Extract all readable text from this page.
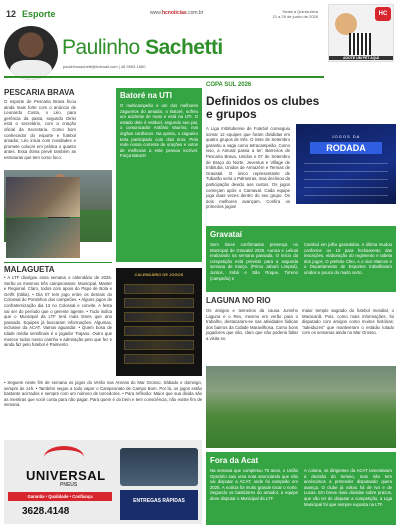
12 Esporte	www.hcnoticias.com.br	Sexta à Quinta-feira
21 a 29 de junho de 2026	HC
ADOTE UM PET AQUI
Paulinho Sachetti
paulinhosachetti@hotmail.com | 48 9953-1560
PESCARIA BRAVA
O esporte de Pescaria Brava ficou ainda mais forte com o anúncio de Leonardo Costa, o Léo, para gerência da pasta, segundo Dirlei está o secretário, com a criação oficial da Secretaria. Como bom conhecedor do esporte e futebol amador, Léo inicia com novidades e promete colocar em prática o quanto antes. Essa ótima prevê também as estruturas que tem como foco.
Batoré na UTI
O multicampeão e um dos melhores zagueiros do amador, o Batoré, sofreu um acidente de moto e está na UTI. O estado dele é estável, segundo seu pai, o comunicador Antônio Vaurino, nos órgãos cardíacos. Na quinta, o zagueiro teria participado com dois tiros. Pela rede nossa corrente de orações e votos de melhoras a este pessoa incrível. Força Batoré!
COPA SUL 2026
Definidos os clubes e grupos
A Liga Imbitubense de Futebol conseguiu somar 12 equipes que foram divididas em quatro grupos de três. O Sete de Setembro garantiu a vaga como tetracampeão. Como isso, a Amural passa a ter: Barreiros de Pescaria Brava, Unidos e 07 de Setembro de Braço do Norte, Juventus e Village de Imbituba, Unidos de Armazém e Termas de Gravatal. O único representante de Tubarão seria o Palmeiras, mas declinou da participação devido aos custos. Os jogos começam após o Carnaval. Cada equipe joga duas vezes dentro do seu grupo. Os dois melhores avançam. Confira os primeiros jogos!
JOGOS DA
RODADA
Gravataí
Sem times confirmados presença no Municipal de Gravataí 2026. Aurora e Leiloal realizando na semana passada. O início da competição está previsto para a segunda semana de março. (Primo Jaburú Limpeá), Juntos, Imbá e São Roque, Tirreno (campeão) e
Cambuí em julho garantidos. A última mudou conforme os 10 para fechamento das inscrições, elaboração do regimento e tabela dos jogos. O prefeito Cleo, e o vice Marcos e o Departamento de Esportes trabalharam unidos e pouco do muito certo.
MALAGUETA
• A LTF divulgou essa semana o calendário de 2026. Serão os mesmos três campeonatos: Municipal, Master e Regional. Claro, todos com apoio do Papo de Bola e Gerfit (Itália). • Dia 07 tem jogo entre os demais do Colossal do Pontinhos dos campeões. • Alguns jogos de confraternização dia 13 no Colossal e convite. A festa vai ser do período que o gerente agente. • Tudo indica que o Municipal da LTF terá mais times que ano passado. Equipes já buscaram informações. Algumas, inclusive da ACAT. Vamos aguardar. • Quem bosa de Idade média semifinais é o jogador Trajano. Outro que merece todos nosso carinho e admiração pelo que fez e ainda faz pelo futebol é Paimento.
CALENDÁRIO DE JOGOS
• Seguem neste fim de semana os jogos do Verão nas Arenas do Mar Grosso. Sábado e domingo, sempre às 14h. • Também segue a todo vapor o Campeonato de Campo Bom. Por lá, os jogos estão bastante acirrados e sempre com um número de torcedores. • Para reflexão: Maior que sua divida são as mentiras que você conta para não pagar. Para quem é do bem e tem consciência, não existe fim de semana.
LAGUNA NO RIO
Os amigos e teimeiros da causa Juninho Laguna e o Rex, mesmo em verão para o trabalho, destacaram-se nas atividades lúdicas dos bairros da Cidade Maravilhosa. Como bons jogadores que são, claro que não poderia faltar a visita no
maior templo sagrado do futebol mundial, o Maracanã. Pois, como mais informações, foi disputado com amigos como muitos histórias: "adeiduzes" que mantiveram o estádio lotado com os semanas ainda no Mar Grosso.
UNIVERSAL
PNEUS
Garantia • Qualidade • Confiança
3628.4148
ENTREGAS RÁPIDAS
Fora da Acat
Na semana que completou 79 anos, o União Operário saiu uma nota anunciando que não vai disputar a ACAT, onde foi campeão em 2025. A notícia foi muito grande tocar o norte. Segundo os bastidores do amador, a equipe deve disputar o Municipal da LTF.
A coluna, os dirigentes da ACAT lamentaram a decisão do torneio, mas não tem acréscimos a pretender disputando quem avança. O clube já voltou há de Ivo e de Lucas. Em breve mais dúvidas sobre prazos, que vão ter de disputar a competição, a Liga Municipal foi que sempre exposta na LTF.
